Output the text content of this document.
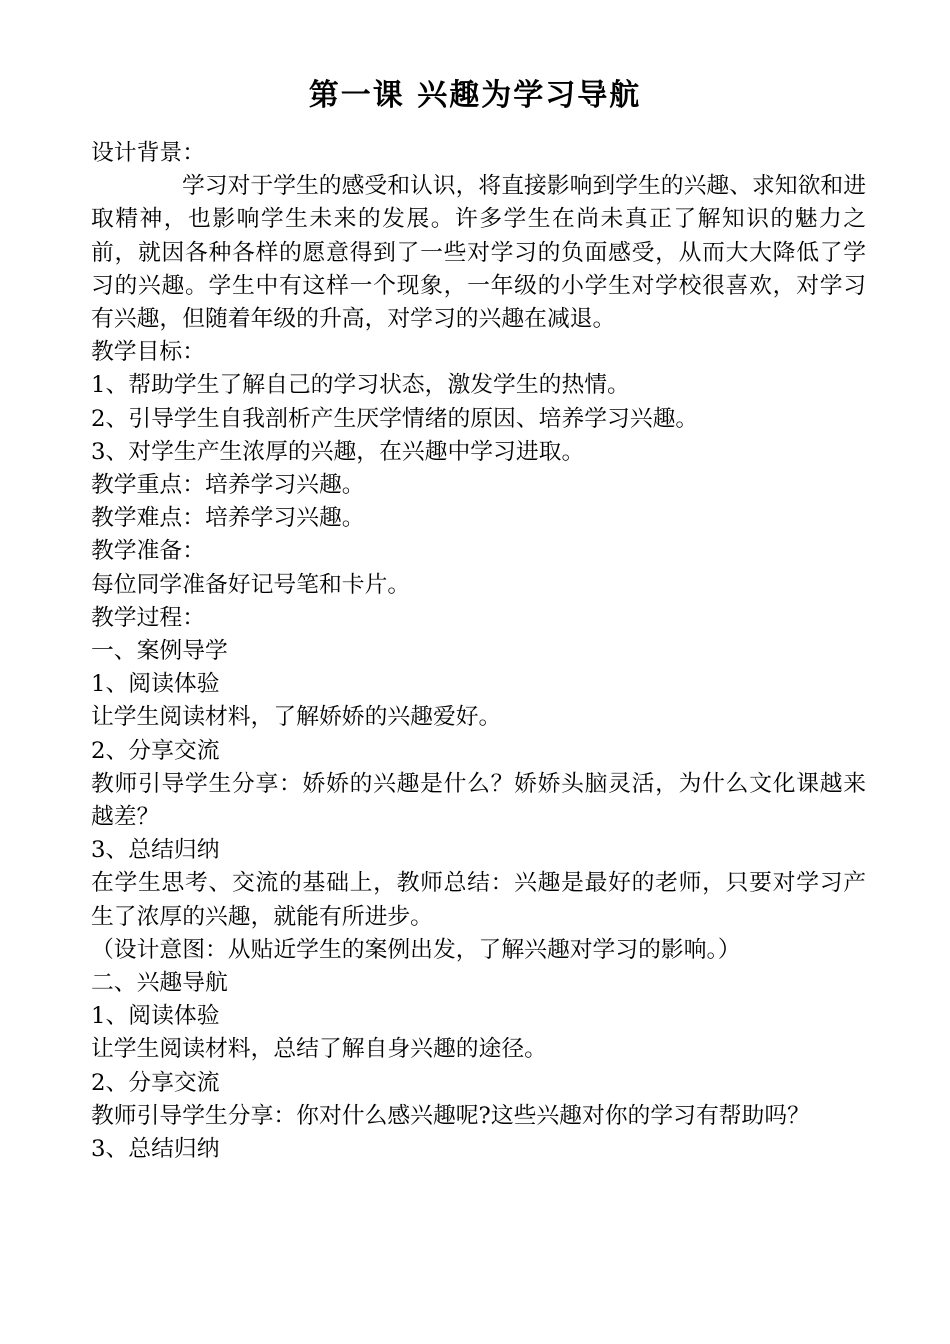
第一课 兴趣为学习导航

设计背景：

学习对于学生的感受和认识，将直接影响到学生的兴趣、求知欲和进取精神，也影响学生未来的发展。许多学生在尚未真正了解知识的魅力之前，就因各种各样的愿意得到了一些对学习的负面感受，从而大大降低了学习的兴趣。学生中有这样一个现象，一年级的小学生对学校很喜欢，对学习有兴趣，但随着年级的升高，对学习的兴趣在减退。

教学目标：

1、帮助学生了解自己的学习状态，激发学生的热情。

2、引导学生自我剖析产生厌学情绪的原因、培养学习兴趣。

3、对学生产生浓厚的兴趣，在兴趣中学习进取。

教学重点：培养学习兴趣。

教学难点：培养学习兴趣。

教学准备：

每位同学准备好记号笔和卡片。

教学过程：

一、案例导学

1、阅读体验

让学生阅读材料，了解娇娇的兴趣爱好。

2、分享交流

教师引导学生分享：娇娇的兴趣是什么？娇娇头脑灵活，为什么文化课越来越差？

3、总结归纳

在学生思考、交流的基础上，教师总结：兴趣是最好的老师，只要对学习产生了浓厚的兴趣，就能有所进步。

（设计意图：从贴近学生的案例出发，了解兴趣对学习的影响。）

二、兴趣导航

1、阅读体验

让学生阅读材料，总结了解自身兴趣的途径。

2、分享交流

教师引导学生分享：你对什么感兴趣呢?这些兴趣对你的学习有帮助吗？

3、总结归纳
